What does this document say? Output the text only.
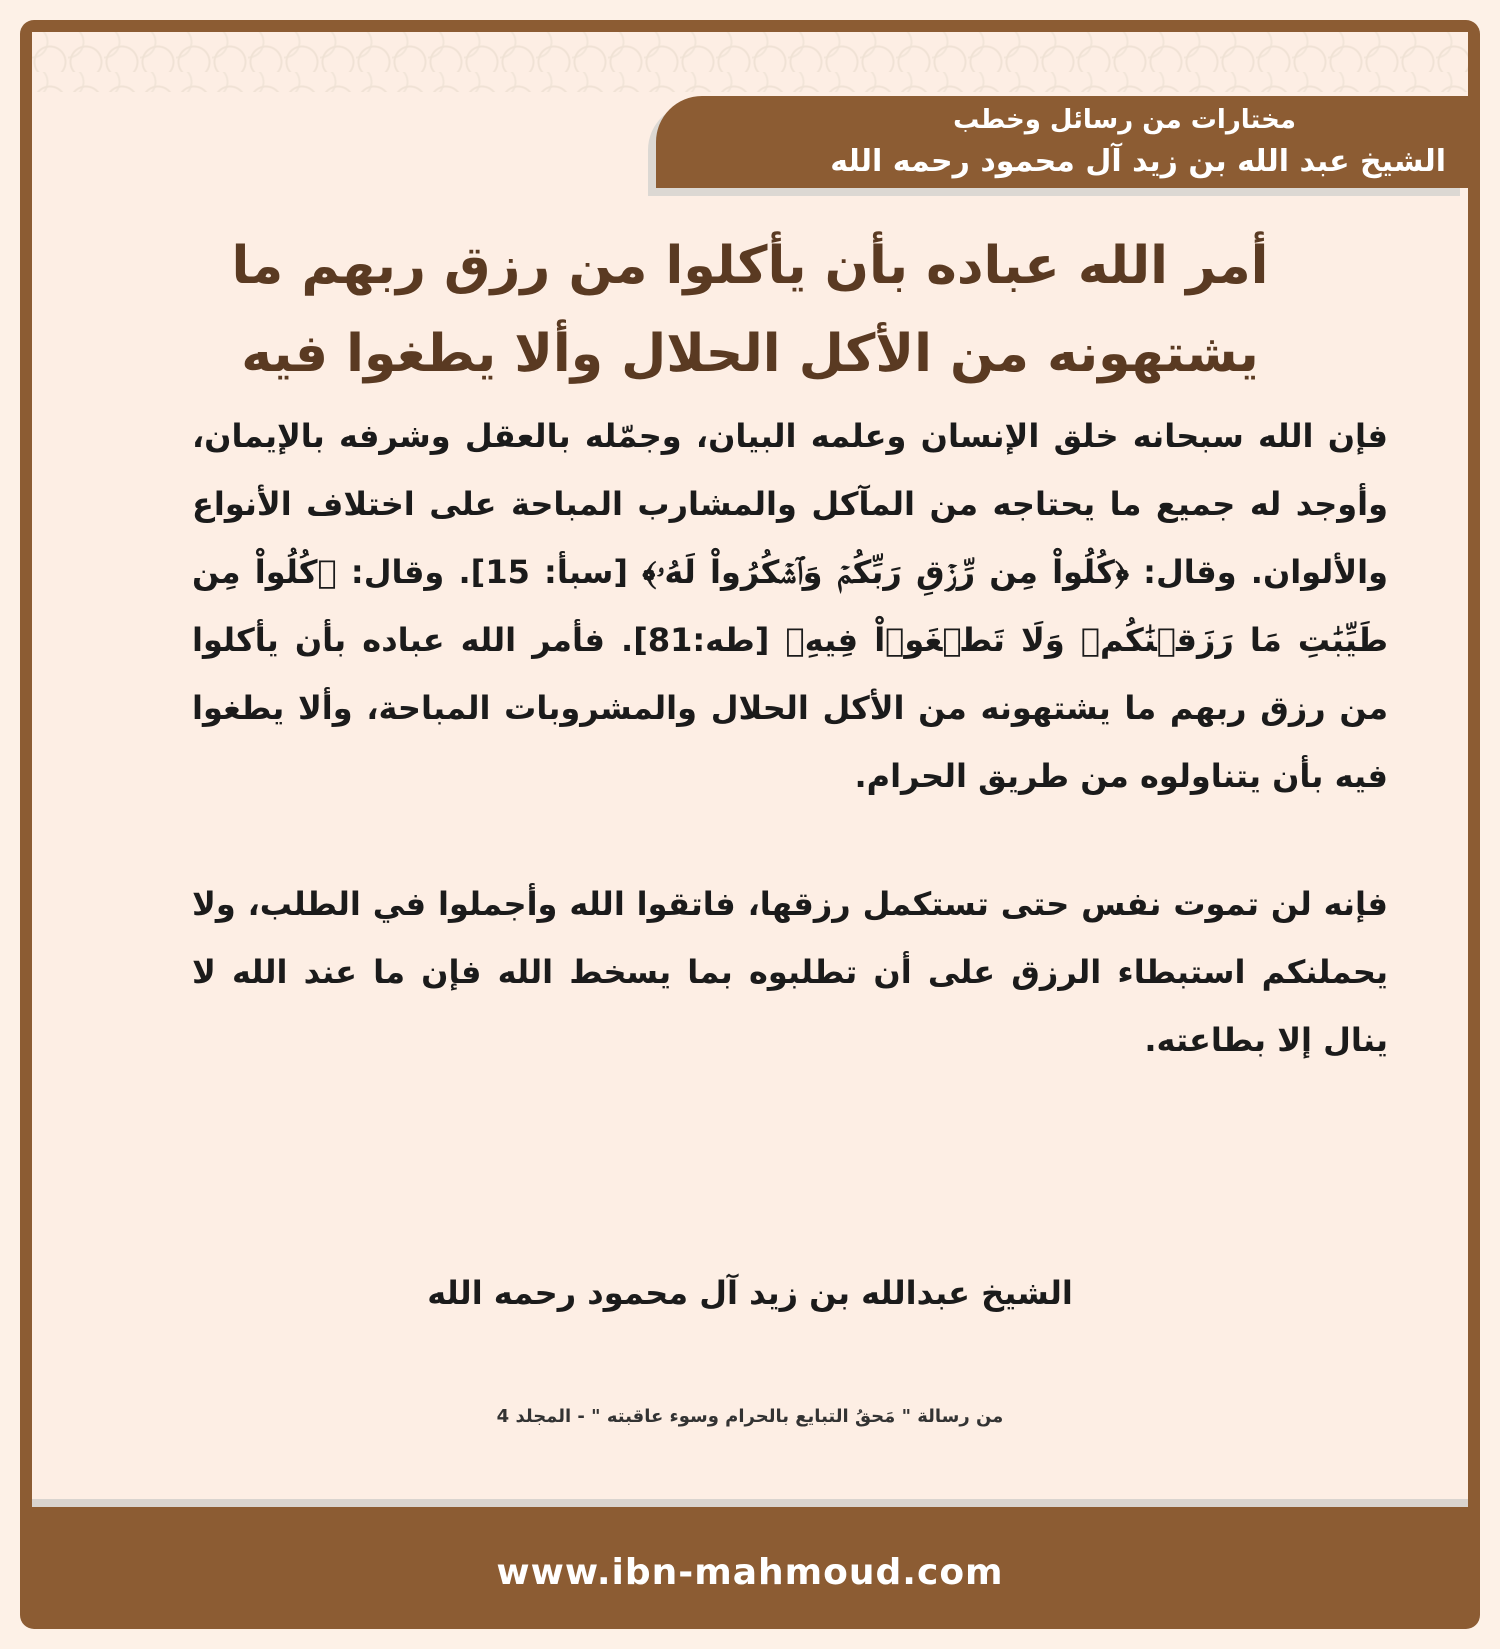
مختارات من رسائل وخطب
الشيخ عبد الله بن زيد آل محمود رحمه الله
أمر الله عباده بأن يأكلوا من رزق ربهم ما يشتهونه من الأكل الحلال وألا يطغوا فيه

فإن الله سبحانه خلق الإنسان وعلمه البيان، وجمّله بالعقل وشرفه بالإيمان، وأوجد له جميع ما يحتاجه من المآكل والمشارب المباحة على اختلاف الأنواع والألوان. وقال: ﴿كُلُواْ مِن رِّزۡقِ رَبِّكُمۡ وَٱشۡكُرُواْ لَهُۥ﴾ [سبأ: 15]. وقال: ﴿كُلُواْ مِن طَيِّبَٰتِ مَا رَزَقۡنَٰكُمۡ وَلَا تَطۡغَوۡاْ فِيهِ﴾ [طه:81]. فأمر الله عباده بأن يأكلوا من رزق ربهم ما يشتهونه من الأكل الحلال والمشروبات المباحة، وألا يطغوا فيه بأن يتناولوه من طريق الحرام.

فإنه لن تموت نفس حتى تستكمل رزقها، فاتقوا الله وأجملوا في الطلب، ولا يحملنكم استبطاء الرزق على أن تطلبوه بما يسخط الله فإن ما عند الله لا ينال إلا بطاعته.

الشيخ عبدالله بن زيد آل محمود رحمه الله
من رسالة " مَحقُ التبايع بالحرام وسوء عاقبته " - المجلد 4
www.ibn-mahmoud.com
